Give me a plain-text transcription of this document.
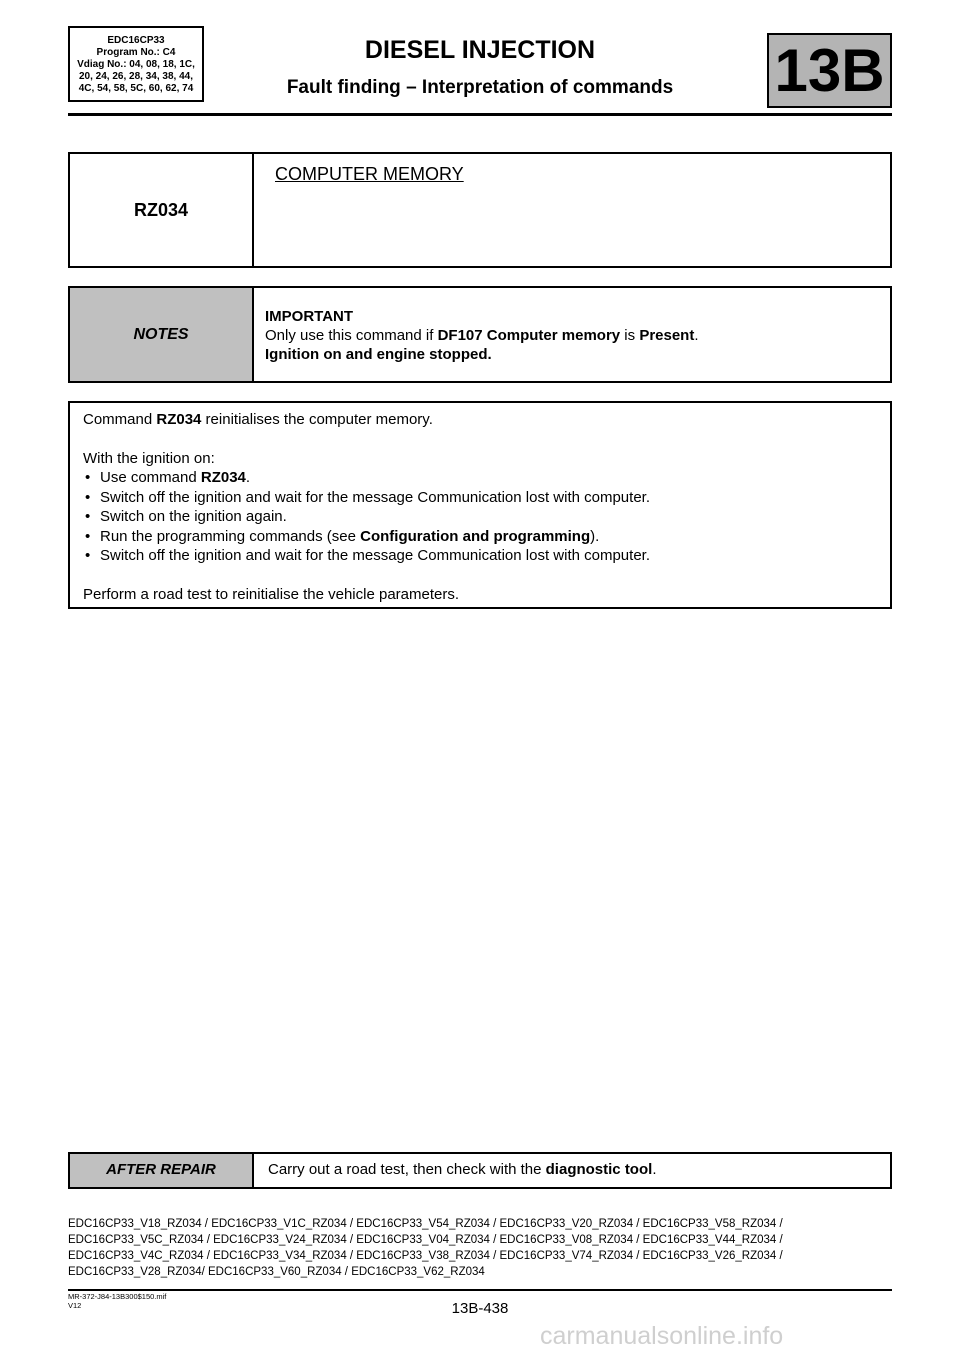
EDC16CP33
Program No.: C4
Vdiag No.: 04, 08, 18, 1C,
20, 24, 26, 28, 34, 38, 44,
4C, 54, 58, 5C, 60, 62, 74
DIESEL INJECTION
Fault finding – Interpretation of commands	13B
RZ034
COMPUTER MEMORY
NOTES
IMPORTANT
Only use this command if DF107 Computer memory is Present.
Ignition on and engine stopped.

Command RZ034 reinitialises the computer memory.

With the ignition on:

• Use command RZ034.
• Switch off the ignition and wait for the message Communication lost with computer.
• Switch on the ignition again.
• Run the programming commands (see Configuration and programming).
• Switch off the ignition and wait for the message Communication lost with computer.

Perform a road test to reinitialise the vehicle parameters.

AFTER REPAIR	Carry out a road test, then check with the diagnostic tool.
EDC16CP33_V18_RZ034 / EDC16CP33_V1C_RZ034 / EDC16CP33_V54_RZ034 / EDC16CP33_V20_RZ034 / EDC16CP33_V58_RZ034 /
EDC16CP33_V5C_RZ034 / EDC16CP33_V24_RZ034 / EDC16CP33_V04_RZ034 / EDC16CP33_V08_RZ034 / EDC16CP33_V44_RZ034 /
EDC16CP33_V4C_RZ034 / EDC16CP33_V34_RZ034 / EDC16CP33_V38_RZ034 / EDC16CP33_V74_RZ034 / EDC16CP33_V26_RZ034 /
EDC16CP33_V28_RZ034/ EDC16CP33_V60_RZ034 / EDC16CP33_V62_RZ034
MR-372-J84-13B300$150.mif
V12	13B-438
carmanualsonline.info
